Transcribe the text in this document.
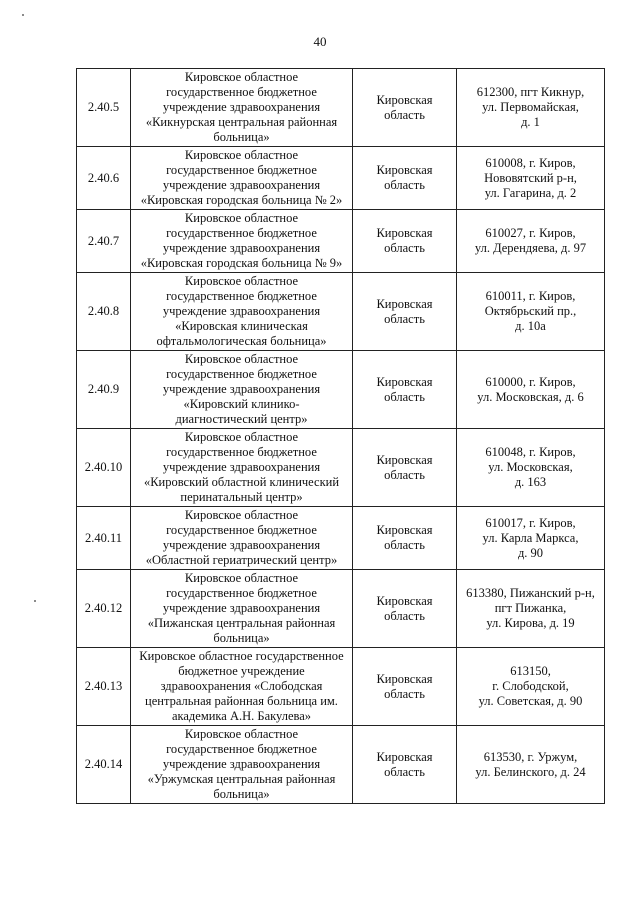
40
2.40.5	Кировское областное
государственное бюджетное
учреждение здравоохранения
«Кикнурская центральная районная
больница»	Кировская
область	612300, пгт Кикнур,
ул. Первомайская,
д. 1
2.40.6	Кировское областное
государственное бюджетное
учреждение здравоохранения
«Кировская городская больница № 2»	Кировская
область	610008, г. Киров,
Нововятский р-н,
ул. Гагарина, д. 2
2.40.7	Кировское областное
государственное бюджетное
учреждение здравоохранения
«Кировская городская больница № 9»	Кировская
область	610027, г. Киров,
ул. Дерендяева, д. 97
2.40.8	Кировское областное
государственное бюджетное
учреждение здравоохранения
«Кировская клиническая
офтальмологическая больница»	Кировская
область	610011, г. Киров,
Октябрьский пр.,
д. 10а
2.40.9	Кировское областное
государственное бюджетное
учреждение здравоохранения
«Кировский клинико-
диагностический центр»	Кировская
область	610000, г. Киров,
ул. Московская, д. 6
2.40.10	Кировское областное
государственное бюджетное
учреждение здравоохранения
«Кировский областной клинический
перинатальный центр»	Кировская
область	610048, г. Киров,
ул. Московская,
д. 163
2.40.11	Кировское областное
государственное бюджетное
учреждение здравоохранения
«Областной гериатрический центр»	Кировская
область	610017, г. Киров,
ул. Карла Маркса,
д. 90
2.40.12	Кировское областное
государственное бюджетное
учреждение здравоохранения
«Пижанская центральная районная
больница»	Кировская
область	613380, Пижанский р-н,
пгт Пижанка,
ул. Кирова, д. 19
2.40.13	Кировское областное государственное
бюджетное учреждение
здравоохранения «Слободская
центральная районная больница им.
академика А.Н. Бакулева»	Кировская
область	613150,
г. Слободской,
ул. Советская, д. 90
2.40.14	Кировское областное
государственное бюджетное
учреждение здравоохранения
«Уржумская центральная районная
больница»	Кировская
область	613530, г. Уржум,
ул. Белинского, д. 24
